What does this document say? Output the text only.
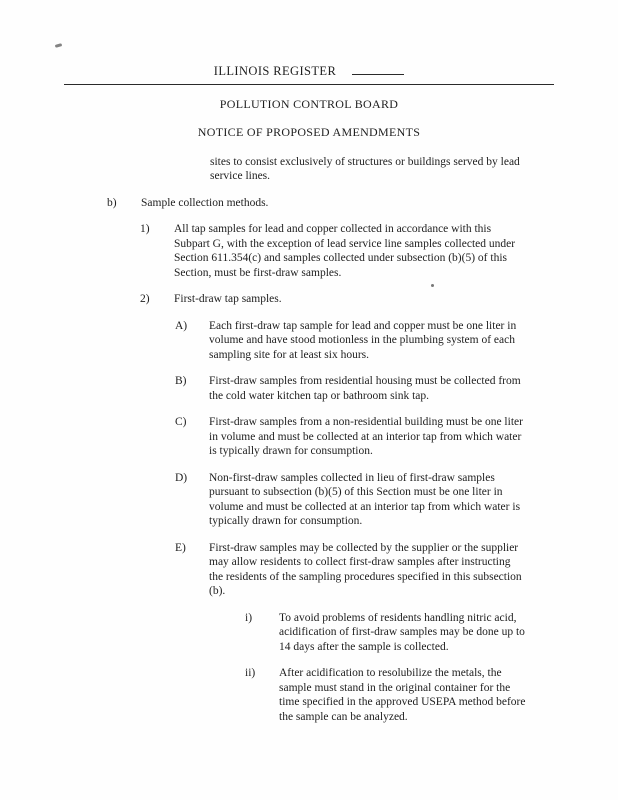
ILLINOIS REGISTER
POLLUTION CONTROL BOARD
NOTICE OF PROPOSED AMENDMENTS

sites to consist exclusively of structures or buildings served by lead service lines.

b)	Sample collection methods.
1)	All tap samples for lead and copper collected in accordance with this Subpart G, with the exception of lead service line samples collected under Section 611.354(c) and samples collected under subsection (b)(5) of this Section, must be first-draw samples.
2)	First-draw tap samples.
A)	Each first-draw tap sample for lead and copper must be one liter in volume and have stood motionless in the plumbing system of each sampling site for at least six hours.
B)	First-draw samples from residential housing must be collected from the cold water kitchen tap or bathroom sink tap.
C)	First-draw samples from a non-residential building must be one liter in volume and must be collected at an interior tap from which water is typically drawn for consumption.
D)	Non-first-draw samples collected in lieu of first-draw samples pursuant to subsection (b)(5) of this Section must be one liter in volume and must be collected at an interior tap from which water is typically drawn for consumption.
E)	First-draw samples may be collected by the supplier or the supplier may allow residents to collect first-draw samples after instructing the residents of the sampling procedures specified in this subsection (b).
i)	To avoid problems of residents handling nitric acid, acidification of first-draw samples may be done up to 14 days after the sample is collected.
ii)	After acidification to resolubilize the metals, the sample must stand in the original container for the time specified in the approved USEPA method before the sample can be analyzed.
